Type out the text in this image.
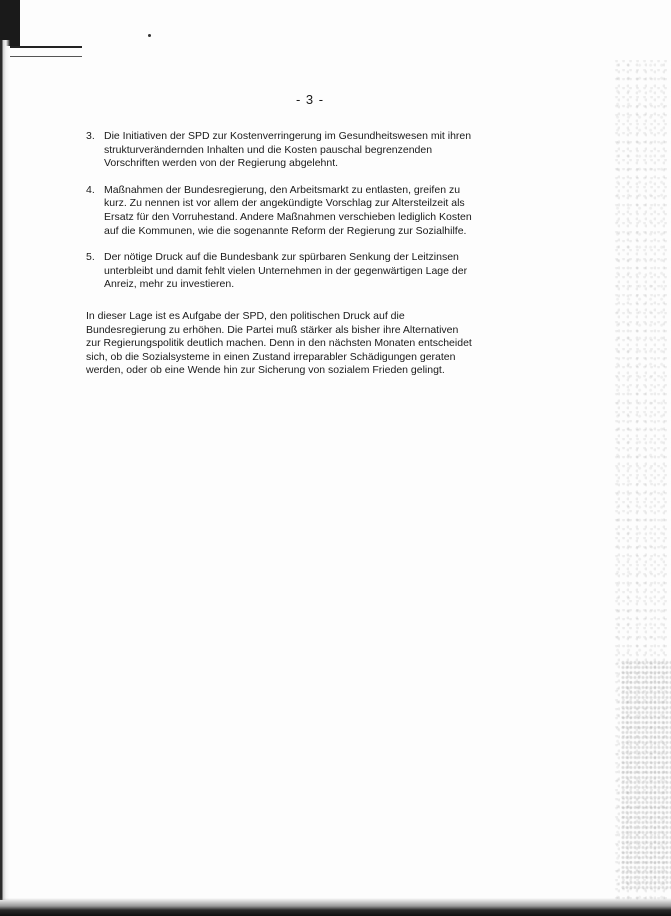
- 3 -
3. Die Initiativen der SPD zur Kostenverringerung im Gesundheitswesen mit ihren
strukturverändernden Inhalten und die Kosten pauschal begrenzenden
Vorschriften werden von der Regierung abgelehnt.
4. Maßnahmen der Bundesregierung, den Arbeitsmarkt zu entlasten, greifen zu
kurz. Zu nennen ist vor allem der angekündigte Vorschlag zur Altersteilzeit als
Ersatz für den Vorruhestand. Andere Maßnahmen verschieben lediglich Kosten
auf die Kommunen, wie die sogenannte Reform der Regierung zur Sozialhilfe.
5. Der nötige Druck auf die Bundesbank zur spürbaren Senkung der Leitzinsen
unterbleibt und damit fehlt vielen Unternehmen in der gegenwärtigen Lage der
Anreiz, mehr zu investieren.

In dieser Lage ist es Aufgabe der SPD, den politischen Druck auf die
Bundesregierung zu erhöhen. Die Partei muß stärker als bisher ihre Alternativen
zur Regierungspolitik deutlich machen. Denn in den nächsten Monaten entscheidet
sich, ob die Sozialsysteme in einen Zustand irreparabler Schädigungen geraten
werden, oder ob eine Wende hin zur Sicherung von sozialem Frieden gelingt.
